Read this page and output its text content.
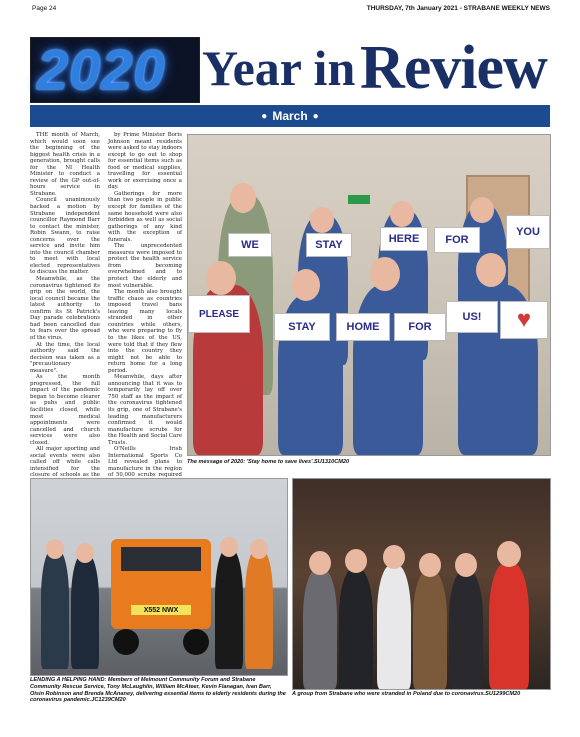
Page 24	THURSDAY, 7th January 2021 - STRABANE WEEKLY NEWS
2020 Year in Review
● March ●

THE month of March, which would soon see the beginning of the biggest health crisis in a generation, brought calls for the NI Health Minister to conduct a review of the GP out-of-hours service in Strabane.

Council unanimously backed a motion by Strabane independent councillor Raymond Barr to contact the minister, Robin Swann, to raise concerns over the service and invite him into the council chamber to meet with local elected representatives to discuss the matter.

Meanwhile, as the coronavirus tightened its grip on the world, the local council became the latest authority to confirm its St Patrick's Day parade celebrations had been cancelled due to fears over the spread of the virus.

At the time, the local authority said the decision was taken as a "precautionary measure".

As the month progressed, the full impact of the pandemic began to become clearer as pubs and public facilities closed, while most medical appointments were cancelled and church services were also closed.

All major sporting and social events were also called off while calls intensified for the closure of schools as the

by Prime Minister Boris Johnson meant residents were asked to stay indoors except to go out to shop for essential items such as food or medical supplies, travelling for essential work or exercising once a day.

Gatherings for more than two people in public except for families of the same household were also forbidden as well as social gatherings of any kind with the exception of funerals.

The unprecedented measures were imposed to protect the health service from becoming overwhelmed and to protect the elderly and most vulnerable.

The month also brought traffic chaos as countries imposed travel bans leaving many locals stranded in other countries while others, who were preparing to fly to the likes of the US, were told that if they flew into the country they might not be able to return home for a long period.

Meanwhile, days after announcing that it was to temporarily lay off over 750 staff as the impact of the coronavirus tightened its grip, one of Strabane's leading manufacturers confirmed it would manufacture scrubs for the Health and Social Care Trusts.

O'Neills Irish International Sports Co Ltd revealed plans to manufacture in the region of 50,000 scrubs required

WE	STAY	HERE	FOR
YOU
PLEASE
STAY	HOME	FOR
US!	♥
The message of 2020: 'Stay home to save lives'.SU1310CM20
X552 NWX
LENDING A HELPING HAND: Members of Melmount Community Forum and Strabane Community Rescue Service, Tony McLaughlin, William McAteer, Kevin Flanagan, Ivan Barr, Oisin Robinson and Brenda McAnaney, delivering essential items to elderly residents during the coronavirus pandemic.JC1239CM20
A group from Strabane who were stranded in Poland due to coronavirus.SU1299CM20
